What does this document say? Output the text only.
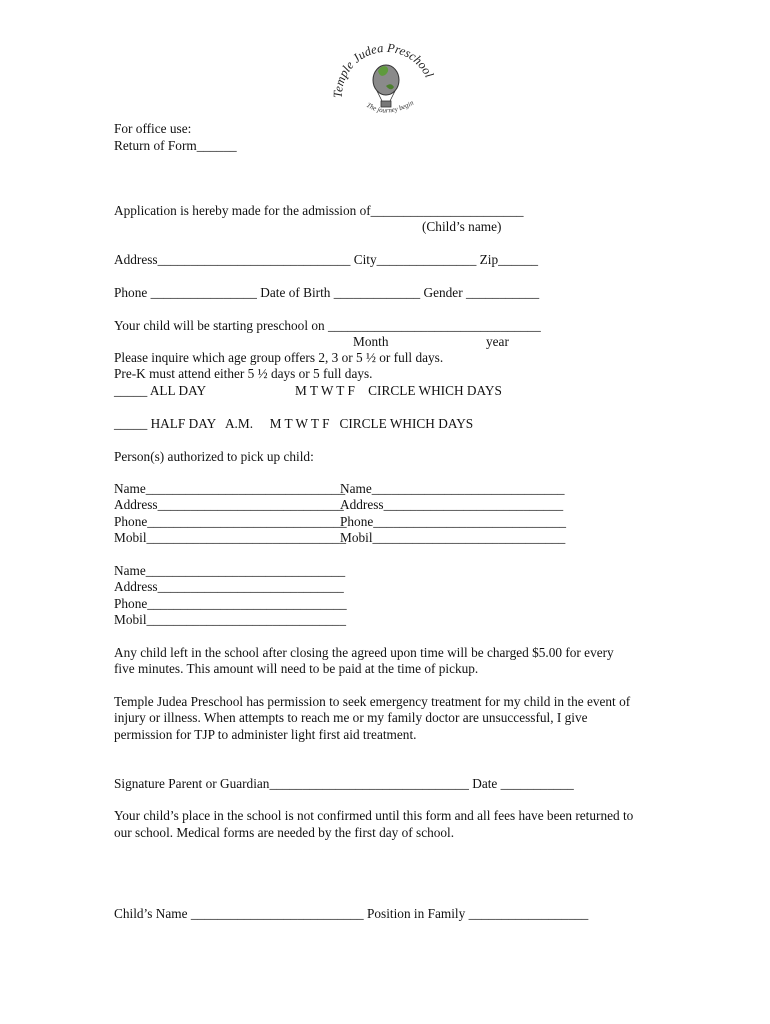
Temple Judea Preschool
The journey begin
For office use:
Return of Form______
Application is hereby made for the admission of_______________________
(Child’s name)
Address_____________________________ City_______________ Zip______
Phone ________________ Date of Birth _____________ Gender ___________
Your child will be starting preschool on ________________________________
Month	year
Please inquire which age group offers 2, 3 or 5 ½ or full days.
Pre-K must attend either 5 ½ days or 5 full days.
_____ ALL DAY	M T W T F    CIRCLE WHICH DAYS
_____ HALF DAY   A.M.     M T W T F   CIRCLE WHICH DAYS
Person(s) authorized to pick up child:
Name______________________________
Address____________________________
Phone______________________________
Mobil______________________________
Name_____________________________
Address___________________________
Phone_____________________________
Mobil_____________________________
Name______________________________
Address____________________________
Phone______________________________
Mobil______________________________
Any child left in the school after closing the agreed upon time will be charged $5.00 for every
five minutes. This amount will need to be paid at the time of pickup.
Temple Judea Preschool has permission to seek emergency treatment for my child in the event of
injury or illness. When attempts to reach me or my family doctor are unsuccessful, I give
permission for TJP to administer light first aid treatment.
Signature Parent or Guardian______________________________ Date ___________
Your child’s place in the school is not confirmed until this form and all fees have been returned to
our school. Medical forms are needed by the first day of school.
Child’s Name __________________________ Position in Family __________________
